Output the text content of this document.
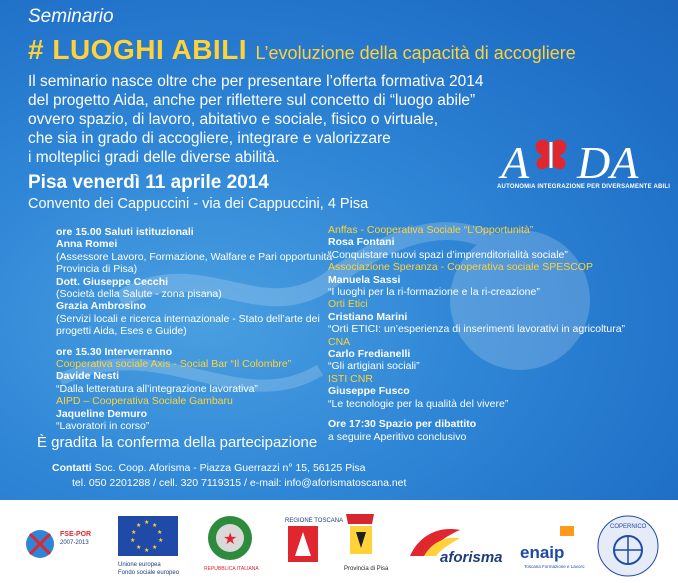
Seminario
# LUOGHI ABILI L’evoluzione della capacità di accogliere

Il seminario nasce oltre che per presentare l’offerta formativa 2014
del progetto Aida, anche per riflettere sul concetto di “luogo abile”
ovvero spazio, di lavoro, abitativo e sociale, fisico o virtuale,
che sia in grado di accogliere, integrare e valorizzare
i molteplici gradi delle diverse abilità.	A DA
AUTONOMIA INTEGRAZIONE PER DIVERSAMENTE ABILI
Pisa venerdì 11 aprile 2014
Convento dei Cappuccini - via dei Cappuccini, 4 Pisa
ore 15.00 Saluti istituzionali
Anna Romei
(Assessore Lavoro, Formazione, Walfare e Pari opportunità
Provincia di Pisa)
Dott. Giuseppe Cecchi
(Società della Salute - zona pisana)
Grazia Ambrosino
(Servizi locali e ricerca internazionale - Stato dell’arte dei
progetti Aida, Eses e Guide)
ore 15.30 Interverranno
Cooperativa sociale Axis - Social Bar “Il Colombre”
Davide Nesti
“Dalla letteratura all’integrazione lavorativa”
AIPD – Cooperativa Sociale Gambaru
Jaqueline Demuro
“Lavoratori in corso”
Anffas - Cooperativa Sociale “L’Opportunità”
Rosa Fontani
“Conquistare nuovi spazi d’imprenditorialità sociale”
Associazione Speranza - Cooperativa sociale SPESCOP
Manuela Sassi
“I luoghi per la ri-formazione e la ri-creazione”
Orti Etici
Cristiano Marini
“Orti ETICI: un’esperienza di inserimenti lavorativi in agricoltura”
CNA
Carlo Fredianelli
“Gli artigiani sociali”
ISTI CNR
Giuseppe Fusco
“Le tecnologie per la qualità del vivere”
Ore 17:30 Spazio per dibattito
a seguire Aperitivo conclusivo
È gradita la conferma della partecipazione
Contatti Soc. Coop. Aforisma - Piazza Guerrazzi n° 15, 56125 Pisa
tel. 050 2201288 / cell. 320 7119315 / e-mail: info@aforismatoscana.net
FSE-POR
2007-2013
★ ★
★
★
★
★
★
★
★
★
Unione europea
Fondo sociale europeo
★
REPUBBLICA ITALIANA
REGIONE TOSCANA
Provincia di Pisa
aforisma enaip
Toscana Formazione e Lavoro
COPERNICO
